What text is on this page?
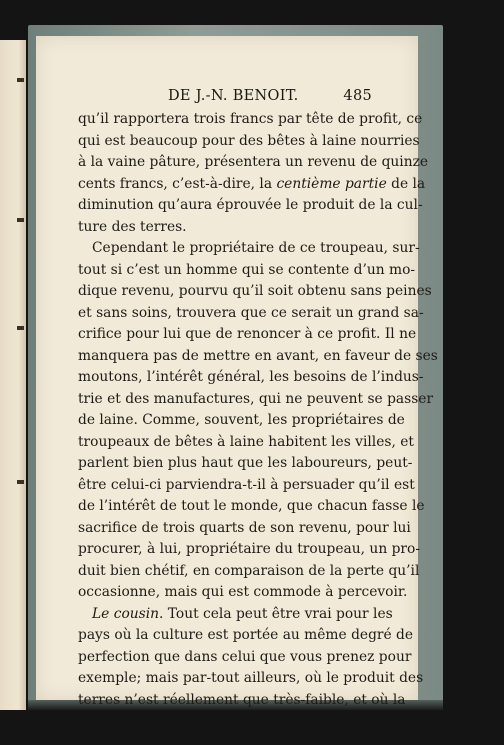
DE J.-N. BENOIT.	485
qu’il rapportera trois francs par tête de profit, ce
qui est beaucoup pour des bêtes à laine nourries
à la vaine pâture, présentera un revenu de quinze
cents francs, c’est-à-dire, la centième partie de la
diminution qu’aura éprouvée le produit de la cul-
ture des terres.
Cependant le propriétaire de ce troupeau, sur-
tout si c’est un homme qui se contente d’un mo-
dique revenu, pourvu qu’il soit obtenu sans peines
et sans soins, trouvera que ce serait un grand sa-
crifice pour lui que de renoncer à ce profit. Il ne
manquera pas de mettre en avant, en faveur de ses
moutons, l’intérêt général, les besoins de l’indus-
trie et des manufactures, qui ne peuvent se passer
de laine. Comme, souvent, les propriétaires de
troupeaux de bêtes à laine habitent les villes, et
parlent bien plus haut que les laboureurs, peut-
être celui-ci parviendra-t-il à persuader qu’il est
de l’intérêt de tout le monde, que chacun fasse le
sacrifice de trois quarts de son revenu, pour lui
procurer, à lui, propriétaire du troupeau, un pro-
duit bien chétif, en comparaison de la perte qu’il
occasionne, mais qui est commode à percevoir.
Le cousin. Tout cela peut être vrai pour les
pays où la culture est portée au même degré de
perfection que dans celui que vous prenez pour
exemple; mais par-tout ailleurs, où le produit des
terres n’est réellement que très-faible, et où la
